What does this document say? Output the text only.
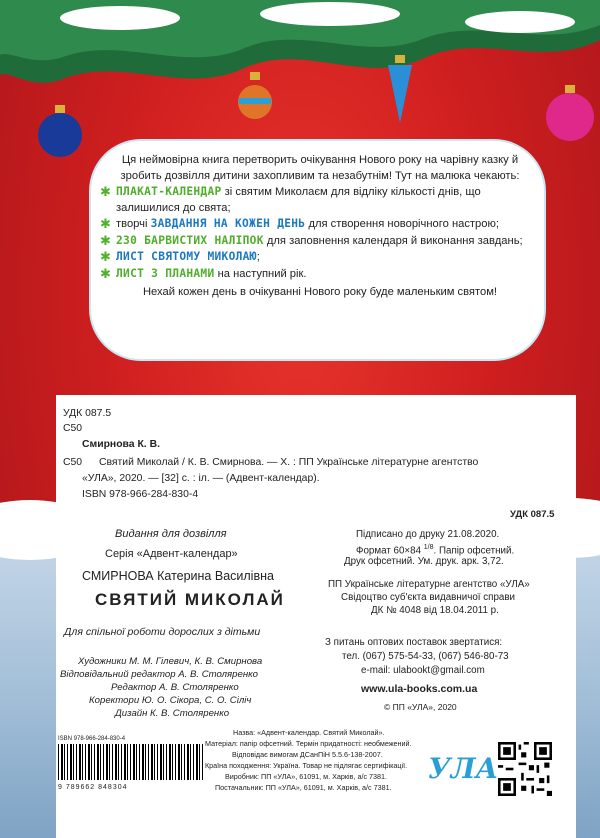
Ця неймовірна книга перетворить очікування Нового року на чарівну казку й зробить дозвілля дитини захопливим та незабутнім! Тут на малюка чекають:

✱ ПЛАКАТ-КАЛЕНДАР зі святим Миколаєм для відліку кількості днів, що залишилися до свята;
✱ творчі ЗАВДАННЯ НА КОЖЕН ДЕНЬ для створення новорічного настрою;
✱ 230 БАРВИСТИХ НАЛІПОК для заповнення календаря й виконання завдань;
✱ ЛИСТ СВЯТОМУ МИКОЛАЮ;
✱ ЛИСТ З ПЛАНАМИ на наступний рік.

Нехай кожен день в очікуванні Нового року буде маленьким святом!

УДК 087.5
С50
Смирнова К. В.
С50 Святий Миколай / К. В. Смирнова. — Х. : ПП Українське літературне агентство
«УЛА», 2020. — [32] с. : іл. — (Адвент-календар).
ISBN 978-966-284-830-4
УДК 087.5
Видання для дозвілля
Серія «Адвент-календар»
СМИРНОВА Катерина Василівна
СВЯТИЙ МИКОЛАЙ
Для спільної роботи дорослих з дітьми
Художники М. М. Гілевич, К. В. Смирнова
Відповідальний редактор А. В. Столяренко
Редактор А. В. Столяренко
Коректори Ю. О. Сікора, С. О. Сіліч
Дизайн К. В. Столяренко
Підписано до друку 21.08.2020.
Формат 60×84 $^{1/8}$. Папір офсетний.
Друк офсетний. Ум. друк. арк. 3,72.
ПП Українське літературне агентство «УЛА»
Свідоцтво суб'єкта видавничої справи
ДК № 4048 від 18.04.2011 р.
З питань оптових поставок звертатися:
тел. (067) 575-54-33, (067) 546-80-73
e-mail: ulabookt@gmail.com
www.ula-books.com.ua
© ПП «УЛА», 2020
ISBN 978-966-284-830-4
9 789662 848304
Назва: «Адвент-календар. Святий Миколай».
Матеріал: папір офсетний. Термін придатності: необмежений.
Відповідає вимогам ДСанПіН 5.5.6-138-2007.
Країна походження: Україна. Товар не підлягає сертифікації.
Виробник: ПП «УЛА», 61091, м. Харків, а/с 7381.
Постачальник: ПП «УЛА», 61091, м. Харків, а/с 7381.
УЛА
